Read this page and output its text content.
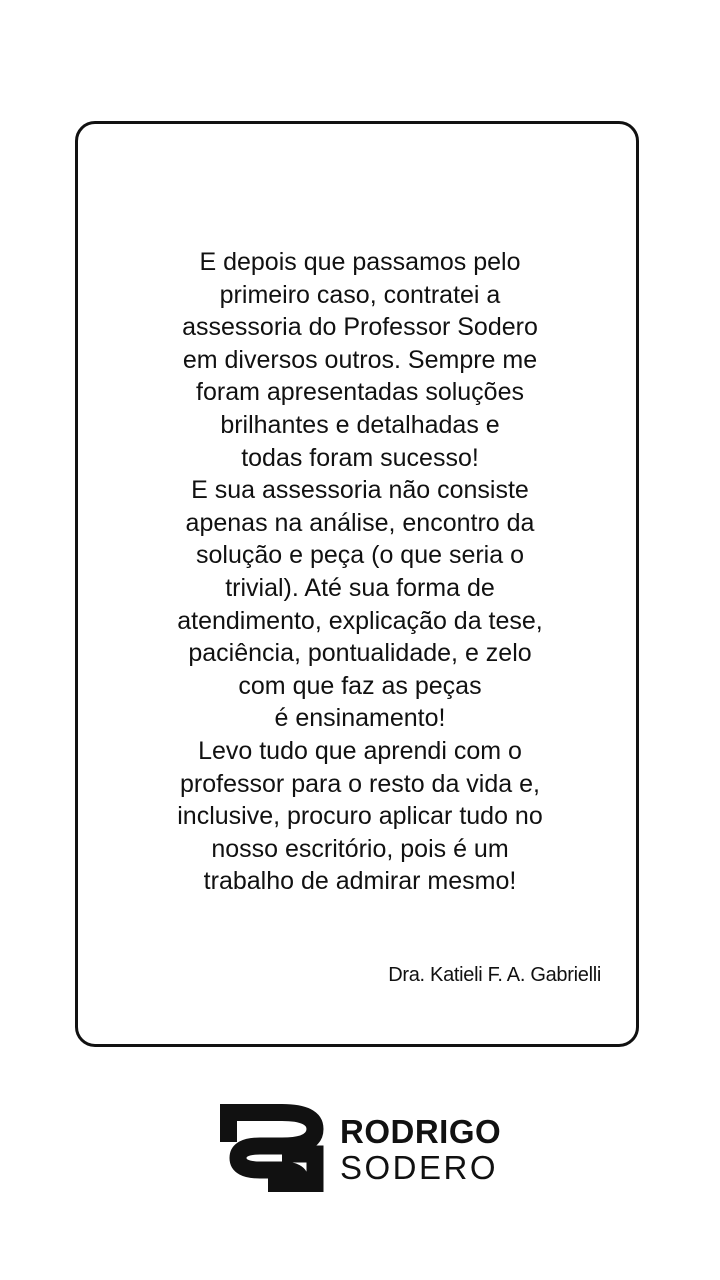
E depois que passamos pelo
primeiro caso, contratei a
assessoria do Professor Sodero
em diversos outros. Sempre me
foram apresentadas soluções
brilhantes e detalhadas e
todas foram sucesso!
E sua assessoria não consiste
apenas na análise, encontro da
solução e peça (o que seria o
trivial). Até sua forma de
atendimento, explicação da tese,
paciência, pontualidade, e zelo
com que faz as peças
é ensinamento!
Levo tudo que aprendi com o
professor para o resto da vida e,
inclusive, procuro aplicar tudo no
nosso escritório, pois é um
trabalho de admirar mesmo!

Dra. Katieli F. A. Gabrielli

RODRIGO
SODERO
